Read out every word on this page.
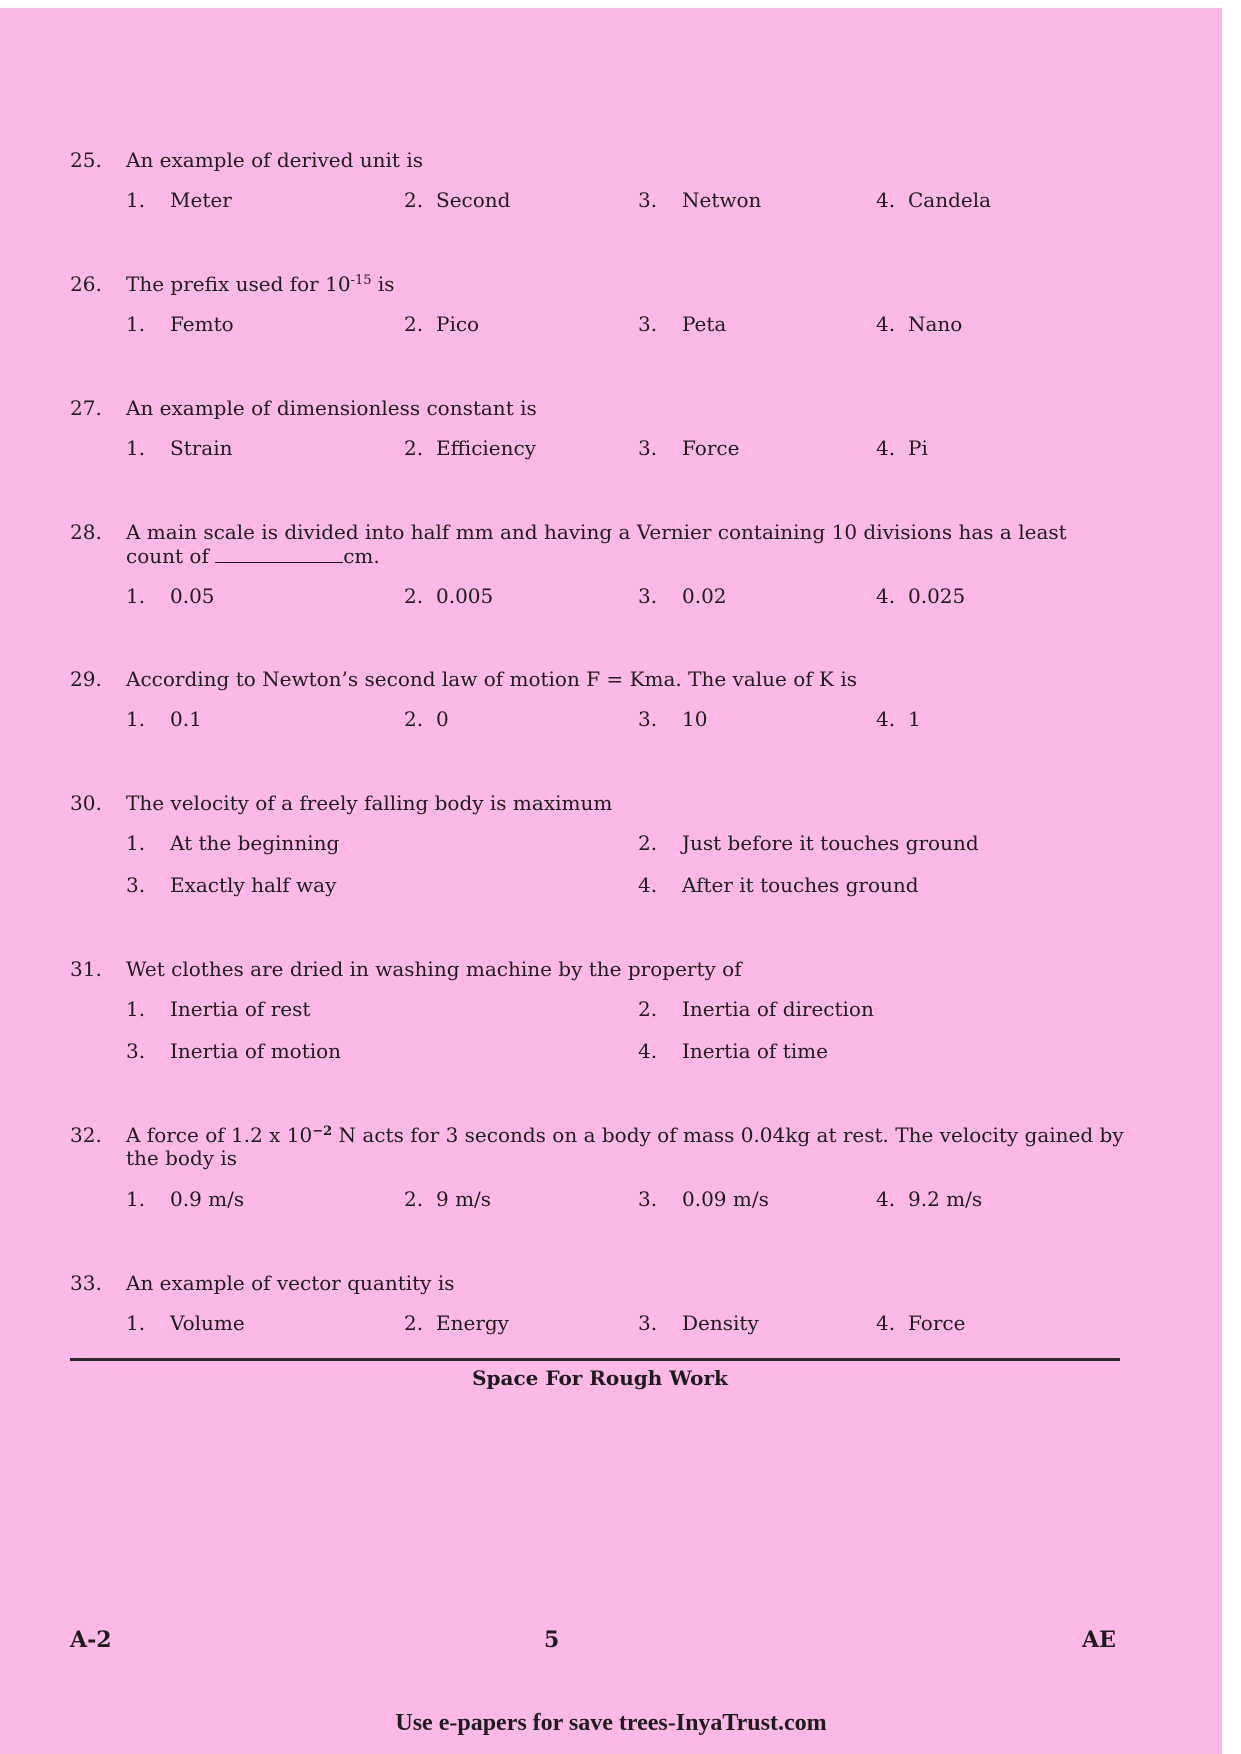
25. An example of derived unit is
1. Meter	2. Second	3. Netwon	4. Candela
26. The prefix used for $10^{-15}$ is
1. Femto	2. Pico	3. Peta	4. Nano
27. An example of dimensionless constant is
1. Strain	2. Efficiency	3. Force	4. Pi
28. A main scale is divided into half mm and having a Vernier containing 10 divisions has a least
count of	cm.
1. 0.05	2. 0.005	3. 0.02	4. 0.025
29. According to Newton’s second law of motion F = Kma. The value of K is
1. 0.1	2. 0	3. 10	4. 1
30. The velocity of a freely falling body is maximum
1. At the beginning	2. Just before it touches ground
3. Exactly half way	4. After it touches ground
31. Wet clothes are dried in washing machine by the property of
1. Inertia of rest	2. Inertia of direction
3. Inertia of motion	4. Inertia of time
32. A force of 1.2 x $10^{-2}$ N acts for 3 seconds on a body of mass 0.04kg at rest. The velocity gained by
the body is
1. 0.9 m/s	2. 9 m/s	3. 0.09 m/s	4. 9.2 m/s
33. An example of vector quantity is
1. Volume	2. Energy	3. Density	4. Force
Space For Rough Work
A-2	5	AE
Use e-papers for save trees-InyaTrust.com
